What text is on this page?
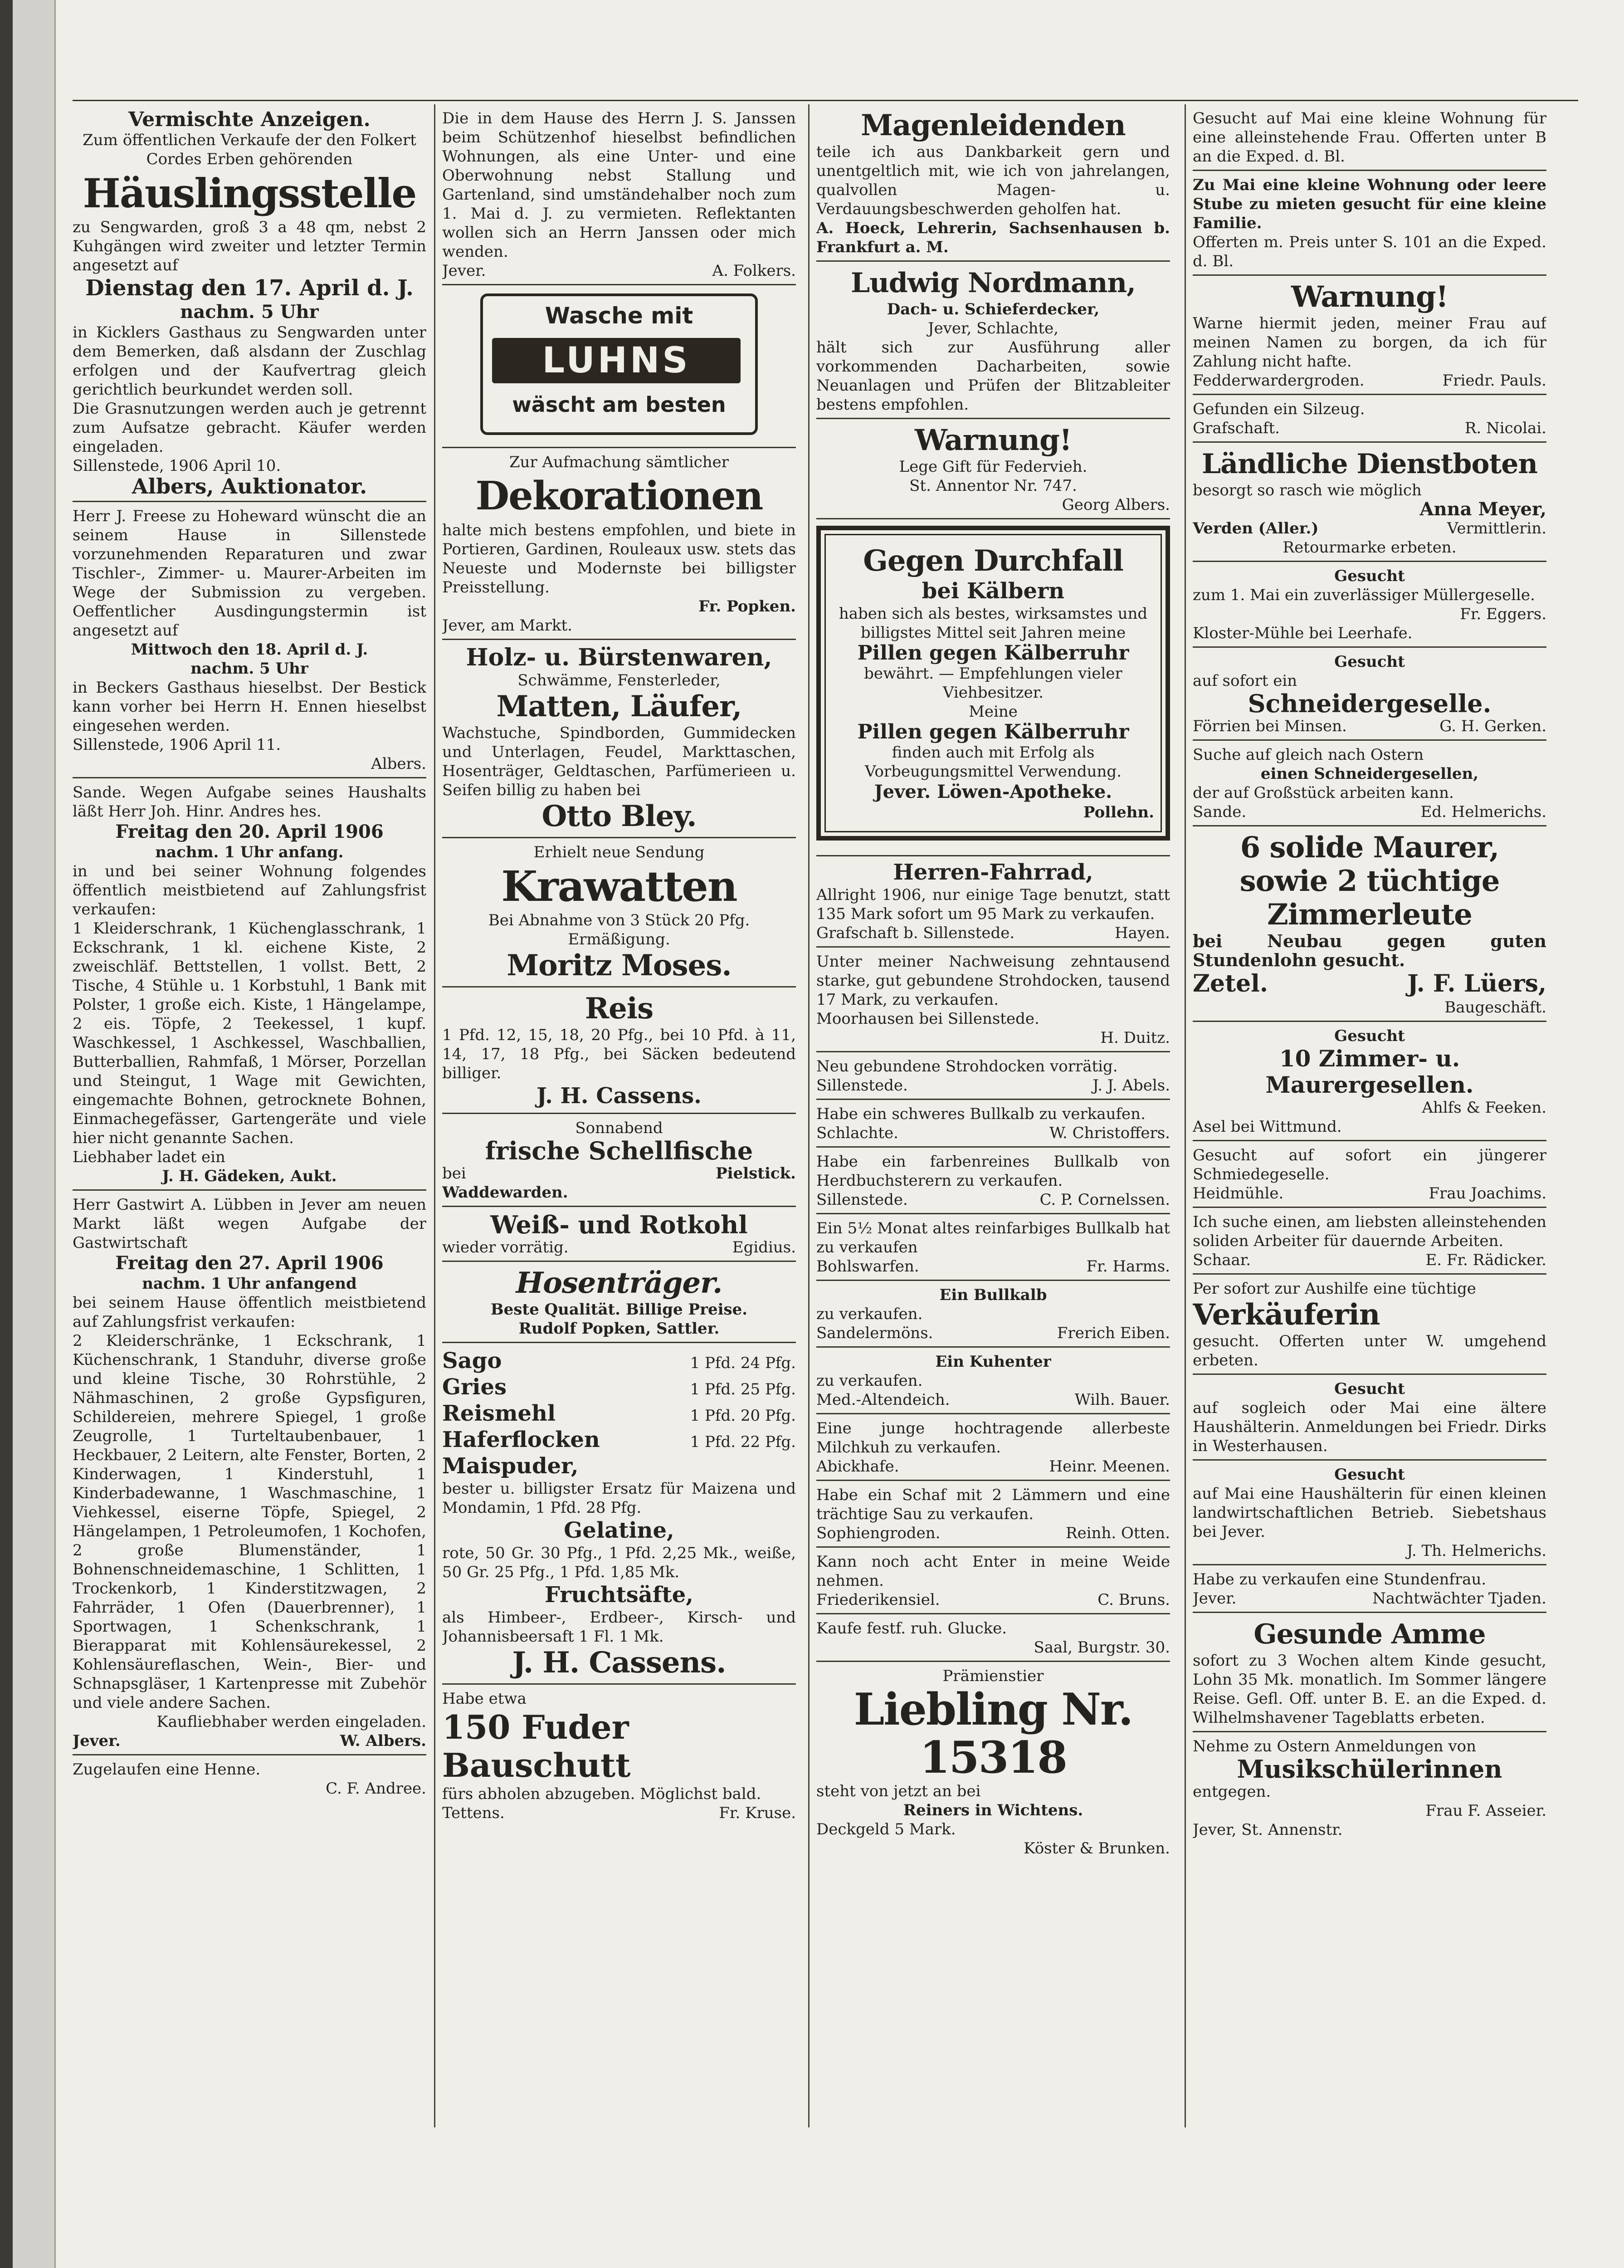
Vermischte Anzeigen.

Zum öffentlichen Verkaufe der den Folkert Cordes Erben gehörenden

Häuslingsstelle

zu Sengwarden, groß 3 a 48 qm, nebst 2 Kuhgängen wird zweiter und letzter Termin angesetzt auf

Dienstag den 17. April d. J.
nachm. 5 Uhr

in Kicklers Gasthaus zu Sengwarden unter dem Bemerken, daß alsdann der Zuschlag erfolgen und der Kaufvertrag gleich gerichtlich beurkundet werden soll.

Die Grasnutzungen werden auch je getrennt zum Aufsatze gebracht. Käufer werden eingeladen.

Sillenstede, 1906 April 10.

Albers, Auktionator.

Herr J. Freese zu Hoheward wünscht die an seinem Hause in Sillenstede vorzunehmenden Reparaturen und zwar Tischler-, Zimmer- u. Maurer-Arbeiten im Wege der Submission zu vergeben. Oeffentlicher Ausdingungstermin ist angesetzt auf

Mittwoch den 18. April d. J.

nachm. 5 Uhr

in Beckers Gasthaus hieselbst. Der Bestick kann vorher bei Herrn H. Ennen hieselbst eingesehen werden.

Sillenstede, 1906 April 11.

Albers.

Sande. Wegen Aufgabe seines Haushalts läßt Herr Joh. Hinr. Andres hes.

Freitag den 20. April 1906

nachm. 1 Uhr anfang.

in und bei seiner Wohnung folgendes öffentlich meistbietend auf Zahlungsfrist verkaufen:

1 Kleiderschrank, 1 Küchenglasschrank, 1 Eckschrank, 1 kl. eichene Kiste, 2 zweischläf. Bettstellen, 1 vollst. Bett, 2 Tische, 4 Stühle u. 1 Korbstuhl, 1 Bank mit Polster, 1 große eich. Kiste, 1 Hängelampe, 2 eis. Töpfe, 2 Teekessel, 1 kupf. Waschkessel, 1 Aschkessel, Waschballien, Butterballien, Rahmfaß, 1 Mörser, Porzellan und Steingut, 1 Wage mit Gewichten, eingemachte Bohnen, getrocknete Bohnen, Einmachegefässer, Gartengeräte und viele hier nicht genannte Sachen.

Liebhaber ladet ein

J. H. Gädeken, Aukt.

Herr Gastwirt A. Lübben in Jever am neuen Markt läßt wegen Aufgabe der Gastwirtschaft

Freitag den 27. April 1906

nachm. 1 Uhr anfangend

bei seinem Hause öffentlich meistbietend auf Zahlungsfrist verkaufen:

2 Kleiderschränke, 1 Eckschrank, 1 Küchenschrank, 1 Standuhr, diverse große und kleine Tische, 30 Rohrstühle, 2 Nähmaschinen, 2 große Gypsfiguren, Schildereien, mehrere Spiegel, 1 große Zeugrolle, 1 Turteltaubenbauer, 1 Heckbauer, 2 Leitern, alte Fenster, Borten, 2 Kinderwagen, 1 Kinderstuhl, 1 Kinderbadewanne, 1 Waschmaschine, 1 Viehkessel, eiserne Töpfe, Spiegel, 2 Hängelampen, 1 Petroleumofen, 1 Kochofen, 2 große Blumenständer, 1 Bohnenschneidemaschine, 1 Schlitten, 1 Trockenkorb, 1 Kinderstitzwagen, 2 Fahrräder, 1 Ofen (Dauerbrenner), 1 Sportwagen, 1 Schenkschrank, 1 Bierapparat mit Kohlensäurekessel, 2 Kohlensäureflaschen, Wein-, Bier- und Schnapsgläser, 1 Kartenpresse mit Zubehör und viele andere Sachen.

Kaufliebhaber werden eingeladen.

Jever.	W. Albers.

Zugelaufen eine Henne.

C. F. Andree.

Die in dem Hause des Herrn J. S. Janssen beim Schützenhof hieselbst befindlichen Wohnungen, als eine Unter- und eine Oberwohnung nebst Stallung und Gartenland, sind umständehalber noch zum 1. Mai d. J. zu vermieten. Reflektanten wollen sich an Herrn Janssen oder mich wenden.

Jever.	A. Folkers.
Wasche mit
LUHNS
wäscht am besten

Zur Aufmachung sämtlicher

Dekorationen

halte mich bestens empfohlen, und biete in Portieren, Gardinen, Rouleaux usw. stets das Neueste und Modernste bei billigster Preisstellung.

Fr. Popken.

Jever, am Markt.

Holz- u. Bürstenwaren,

Schwämme, Fensterleder,

Matten, Läufer,

Wachstuche, Spindborden, Gummidecken und Unterlagen, Feudel, Markttaschen, Hosenträger, Geldtaschen, Parfümerieen u. Seifen billig zu haben bei

Otto Bley.

Erhielt neue Sendung

Krawatten

Bei Abnahme von 3 Stück 20 Pfg. Ermäßigung.

Moritz Moses.
Reis

1 Pfd. 12, 15, 18, 20 Pfg., bei 10 Pfd. à 11, 14, 17, 18 Pfg., bei Säcken bedeutend billiger.

J. H. Cassens.

Sonnabend

frische Schellfische
bei	Pielstick.

Waddewarden.

Weiß- und Rotkohl
wieder vorrätig.	Egidius.
Hosenträger.

Beste Qualität. Billige Preise.

Rudolf Popken, Sattler.

Sago	1 Pfd. 24 Pfg.
Gries	1 Pfd. 25 Pfg.
Reismehl	1 Pfd. 20 Pfg.
Haferflocken	1 Pfd. 22 Pfg.
Maispuder,

bester u. billigster Ersatz für Maizena und Mondamin, 1 Pfd. 28 Pfg.

Gelatine,

rote, 50 Gr. 30 Pfg., 1 Pfd. 2,25 Mk., weiße, 50 Gr. 25 Pfg., 1 Pfd. 1,85 Mk.

Fruchtsäfte,

als Himbeer-, Erdbeer-, Kirsch- und Johannisbeersaft 1 Fl. 1 Mk.

J. H. Cassens.

Habe etwa

150 Fuder Bauschutt

fürs abholen abzugeben. Möglichst bald.

Tettens.	Fr. Kruse.
Magenleidenden

teile ich aus Dankbarkeit gern und unentgeltlich mit, wie ich von jahrelangen, qualvollen Magen- u. Verdauungsbeschwerden geholfen hat.

A. Hoeck, Lehrerin, Sachsenhausen b. Frankfurt a. M.

Ludwig Nordmann,

Dach- u. Schieferdecker,

Jever, Schlachte,

hält sich zur Ausführung aller vorkommenden Dacharbeiten, sowie Neuanlagen und Prüfen der Blitzableiter bestens empfohlen.

Warnung!

Lege Gift für Federvieh.

St. Annentor Nr. 747.

Georg Albers.

Gegen Durchfall
bei Kälbern

haben sich als bestes, wirksamstes und billigstes Mittel seit Jahren meine

Pillen gegen Kälberruhr

bewährt. — Empfehlungen vieler Viehbesitzer.

Meine

Pillen gegen Kälberruhr

finden auch mit Erfolg als Vorbeugungsmittel Verwendung.

Jever. Löwen-Apotheke.

Pollehn.

Herren-Fahrrad,

Allright 1906, nur einige Tage benutzt, statt 135 Mark sofort um 95 Mark zu verkaufen.

Grafschaft b. Sillenstede.	Hayen.

Unter meiner Nachweisung zehntausend starke, gut gebundene Strohdocken, tausend 17 Mark, zu verkaufen.

Moorhausen bei Sillenstede.

H. Duitz.

Neu gebundene Strohdocken vorrätig.

Sillenstede.	J. J. Abels.

Habe ein schweres Bullkalb zu verkaufen.

Schlachte.	W. Christoffers.

Habe ein farbenreines Bullkalb von Herdbuchsterern zu verkaufen.

Sillenstede.	C. P. Cornelssen.

Ein 5½ Monat altes reinfarbiges Bullkalb hat zu verkaufen

Bohlswarfen.	Fr. Harms.

Ein Bullkalb

zu verkaufen.

Sandelermöns.	Frerich Eiben.

Ein Kuhenter

zu verkaufen.

Med.-Altendeich.	Wilh. Bauer.

Eine junge hochtragende allerbeste Milchkuh zu verkaufen.

Abickhafe.	Heinr. Meenen.

Habe ein Schaf mit 2 Lämmern und eine trächtige Sau zu verkaufen.

Sophiengroden.	Reinh. Otten.

Kann noch acht Enter in meine Weide nehmen.

Friederikensiel.	C. Bruns.

Kaufe festf. ruh. Glucke.

Saal, Burgstr. 30.

Prämienstier

Liebling Nr. 15318

steht von jetzt an bei

Reiners in Wichtens.

Deckgeld 5 Mark.

Köster & Brunken.

Gesucht auf Mai eine kleine Wohnung für eine alleinstehende Frau. Offerten unter B an die Exped. d. Bl.

Zu Mai eine kleine Wohnung oder leere Stube zu mieten gesucht für eine kleine Familie.

Offerten m. Preis unter S. 101 an die Exped. d. Bl.

Warnung!

Warne hiermit jeden, meiner Frau auf meinen Namen zu borgen, da ich für Zahlung nicht hafte.

Fedderwardergroden.	Friedr. Pauls.

Gefunden ein Silzeug.

Grafschaft.	R. Nicolai.
Ländliche Dienstboten

besorgt so rasch wie möglich

Anna Meyer,

Verden (Aller.)	Vermittlerin.

Retourmarke erbeten.

Gesucht

zum 1. Mai ein zuverlässiger Müllergeselle.

Fr. Eggers.

Kloster-Mühle bei Leerhafe.

Gesucht

auf sofort ein

Schneidergeselle.
Förrien bei Minsen.	G. H. Gerken.

Suche auf gleich nach Ostern

einen Schneidergesellen,

der auf Großstück arbeiten kann.

Sande.	Ed. Helmerichs.
6 solide Maurer,
sowie 2 tüchtige Zimmerleute

bei Neubau gegen guten Stundenlohn gesucht.

Zetel.	J. F. Lüers,

Baugeschäft.

Gesucht

10 Zimmer- u. Maurergesellen.

Ahlfs & Feeken.

Asel bei Wittmund.

Gesucht auf sofort ein jüngerer Schmiedegeselle.

Heidmühle.	Frau Joachims.

Ich suche einen, am liebsten alleinstehenden soliden Arbeiter für dauernde Arbeiten.

Schaar.	E. Fr. Rädicker.

Per sofort zur Aushilfe eine tüchtige

Verkäuferin

gesucht. Offerten unter W. umgehend erbeten.

Gesucht

auf sogleich oder Mai eine ältere Haushälterin. Anmeldungen bei Friedr. Dirks in Westerhausen.

Gesucht

auf Mai eine Haushälterin für einen kleinen landwirtschaftlichen Betrieb. Siebetshaus bei Jever.

J. Th. Helmerichs.

Habe zu verkaufen eine Stundenfrau.

Jever.	Nachtwächter Tjaden.
Gesunde Amme

sofort zu 3 Wochen altem Kinde gesucht, Lohn 35 Mk. monatlich. Im Sommer längere Reise. Gefl. Off. unter B. E. an die Exped. d. Wilhelmshavener Tageblatts erbeten.

Nehme zu Ostern Anmeldungen von

Musikschülerinnen

entgegen.

Frau F. Asseier.

Jever, St. Annenstr.
